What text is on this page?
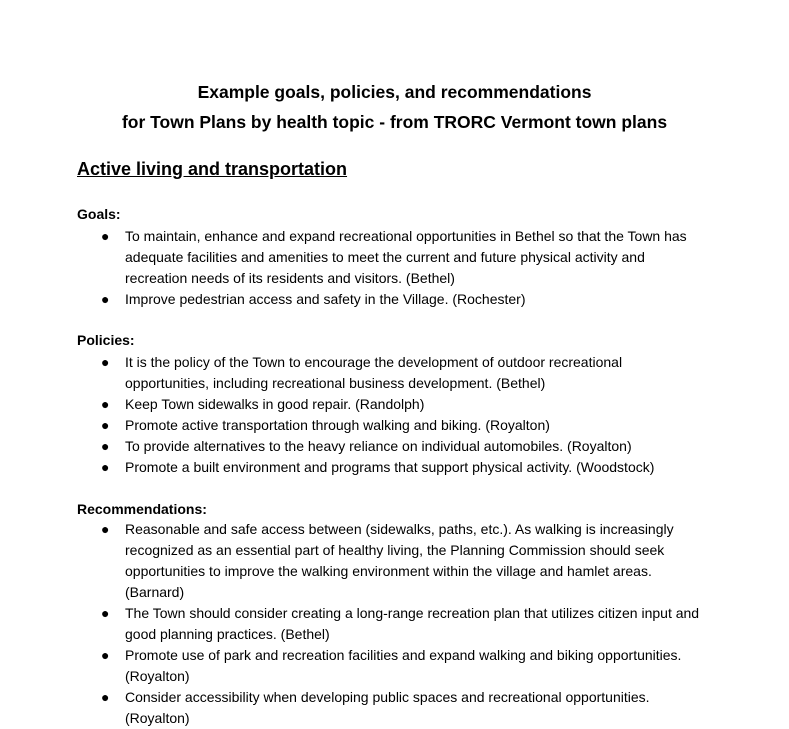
Example goals, policies, and recommendations
for Town Plans by health topic - from TRORC Vermont town plans
Active living and transportation
Goals:
● To maintain, enhance and expand recreational opportunities in Bethel so that the Town has adequate facilities and amenities to meet the current and future physical activity and recreation needs of its residents and visitors. (Bethel)
● Improve pedestrian access and safety in the Village. (Rochester)
Policies:
● It is the policy of the Town to encourage the development of outdoor recreational opportunities, including recreational business development. (Bethel)
● Keep Town sidewalks in good repair. (Randolph)
● Promote active transportation through walking and biking. (Royalton)
● To provide alternatives to the heavy reliance on individual automobiles. (Royalton)
● Promote a built environment and programs that support physical activity. (Woodstock)
Recommendations:
● Reasonable and safe access between (sidewalks, paths, etc.). As walking is increasingly recognized as an essential part of healthy living, the Planning Commission should seek opportunities to improve the walking environment within the village and hamlet areas. (Barnard)
● The Town should consider creating a long-range recreation plan that utilizes citizen input and good planning practices. (Bethel)
● Promote use of park and recreation facilities and expand walking and biking opportunities. (Royalton)
● Consider accessibility when developing public spaces and recreational opportunities. (Royalton)
